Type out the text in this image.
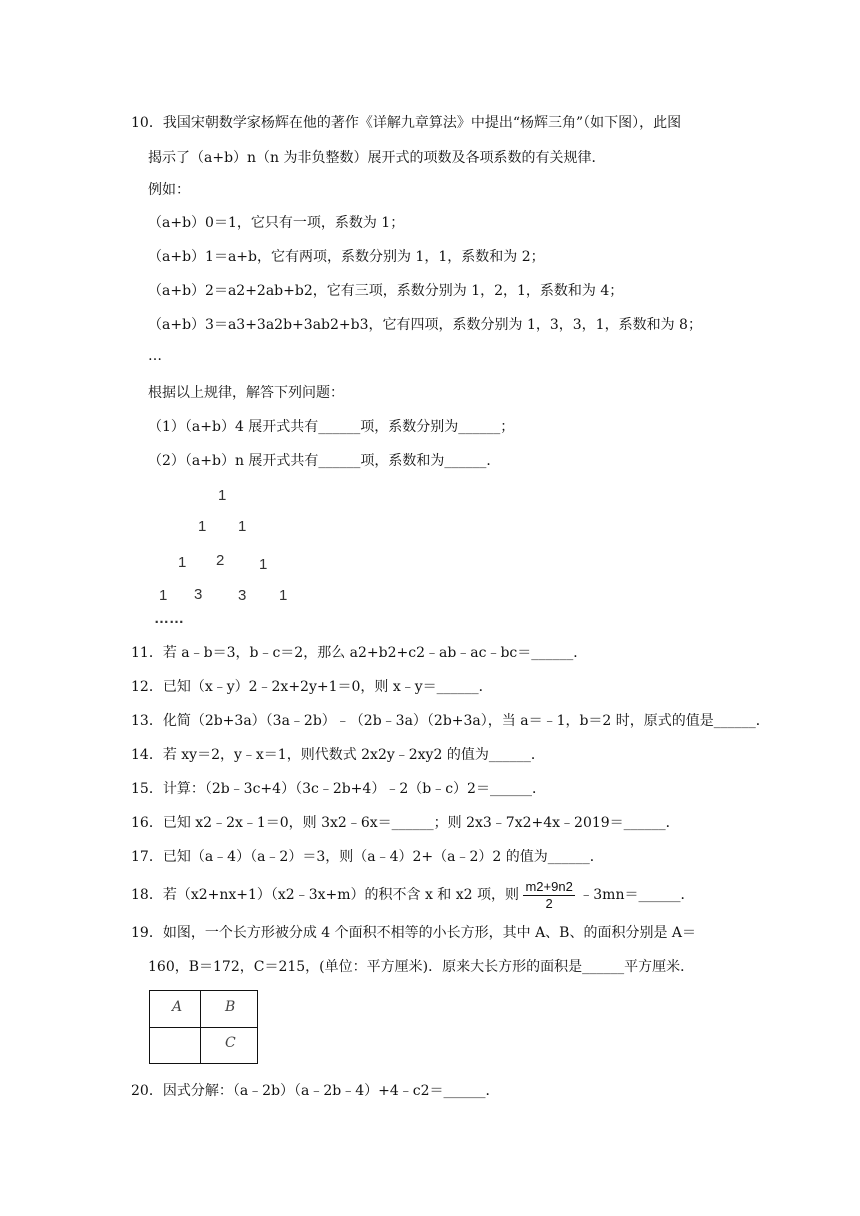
10．我国宋朝数学家杨辉在他的著作《详解九章算法》中提出“杨辉三角”（如下图），此图
揭示了（a+b）n（n 为非负整数）展开式的项数及各项系数的有关规律．
例如：
（a+b）0＝1，它只有一项，系数为 1；
（a+b）1＝a+b，它有两项，系数分别为 1，1，系数和为 2；
（a+b）2＝a2+2ab+b2，它有三项，系数分别为 1，2，1，系数和为 4；
（a+b）3＝a3+3a2b+3ab2+b3，它有四项，系数分别为 1，3，3，1，系数和为 8；
…
根据以上规律，解答下列问题：
（1）（a+b）4 展开式共有______项，系数分别为______；
（2）（a+b）n 展开式共有______项，系数和为______．
1
1 1
1 2 1
1 3 3 1
……
11．若 a﹣b＝3，b﹣c＝2，那么 a2+b2+c2﹣ab﹣ac﹣bc＝______．
12．已知（x﹣y）2﹣2x+2y+1＝0，则 x﹣y＝______．
13．化简（2b+3a）（3a﹣2b）﹣（2b﹣3a）（2b+3a），当 a＝﹣1，b＝2 时，原式的值是______．
14．若 xy＝2，y﹣x＝1，则代数式 2x2y﹣2xy2 的值为______．
15．计算：（2b﹣3c+4）（3c﹣2b+4）﹣2（b﹣c）2＝______．
16．已知 x2﹣2x﹣1＝0，则 3x2﹣6x＝______；则 2x3﹣7x2+4x﹣2019＝______．
17．已知（a﹣4）（a﹣2）＝3，则（a﹣4）2+（a﹣2）2 的值为______．
18．若（x2+nx+1）（x2﹣3x+m）的积不含 x 和 x2 项，则 $\frac{m2+9n2}{2}$ ﹣3mn＝______．
19．如图，一个长方形被分成 4 个面积不相等的小长方形，其中 A、B、的面积分别是 A＝
160，B＝172，C＝215，(单位：平方厘米)．原来大长方形的面积是______平方厘米．
A	B
C
20．因式分解：（a﹣2b）（a﹣2b﹣4）+4﹣c2＝______．
